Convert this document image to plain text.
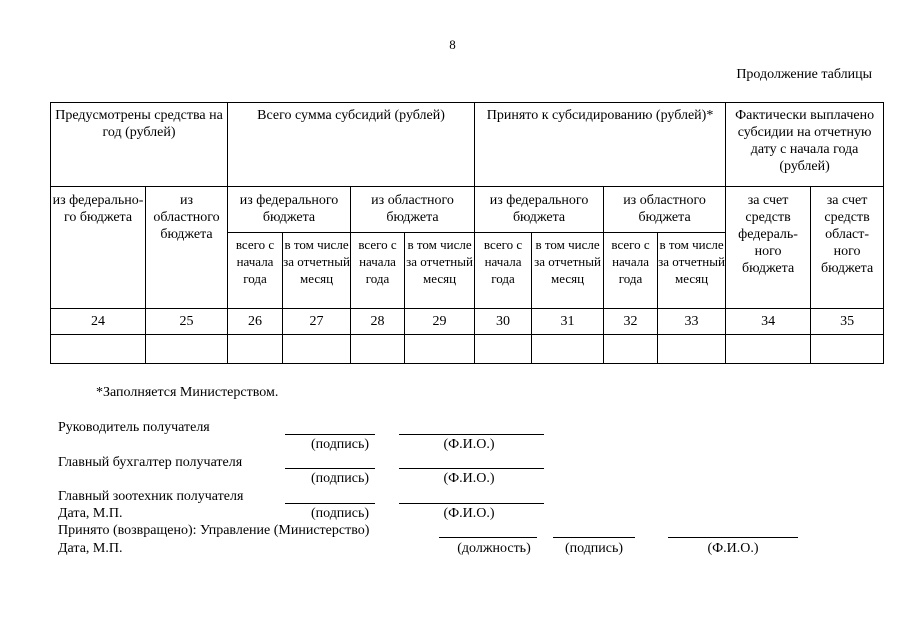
8
Продолжение таблицы
Предусмотрены средства на год (рублей)		Всего сумма субсидий (рублей)				Принято к субсидированию (рублей)*				Фактически выплачено субсидии на отчетную дату с начала года (рублей)	
из федерально-го бюджета	из областного бюджета	из федерального бюджета		из областного бюджета		из федерального бюджета		из областного бюджета		за счет средств федераль-ного бюджета	за счет средств област-ного бюджета
		всего с начала года	в том числе за отчетный месяц	всего с начала года	в том числе за отчетный месяц	всего с начала года	в том числе за отчетный месяц	всего с начала года	в том числе за отчетный месяц		
24	25	26	27	28	29	30	31	32	33	34	35

*Заполняется Министерством.
Руководитель получателя
(подпись)	(Ф.И.О.)
Главный бухгалтер получателя
(подпись)	(Ф.И.О.)
Главный зоотехник получателя
Дата, М.П.	(подпись)	(Ф.И.О.)
Принято (возвращено): Управление (Министерство)
Дата, М.П.	(должность)	(подпись)	(Ф.И.О.)
